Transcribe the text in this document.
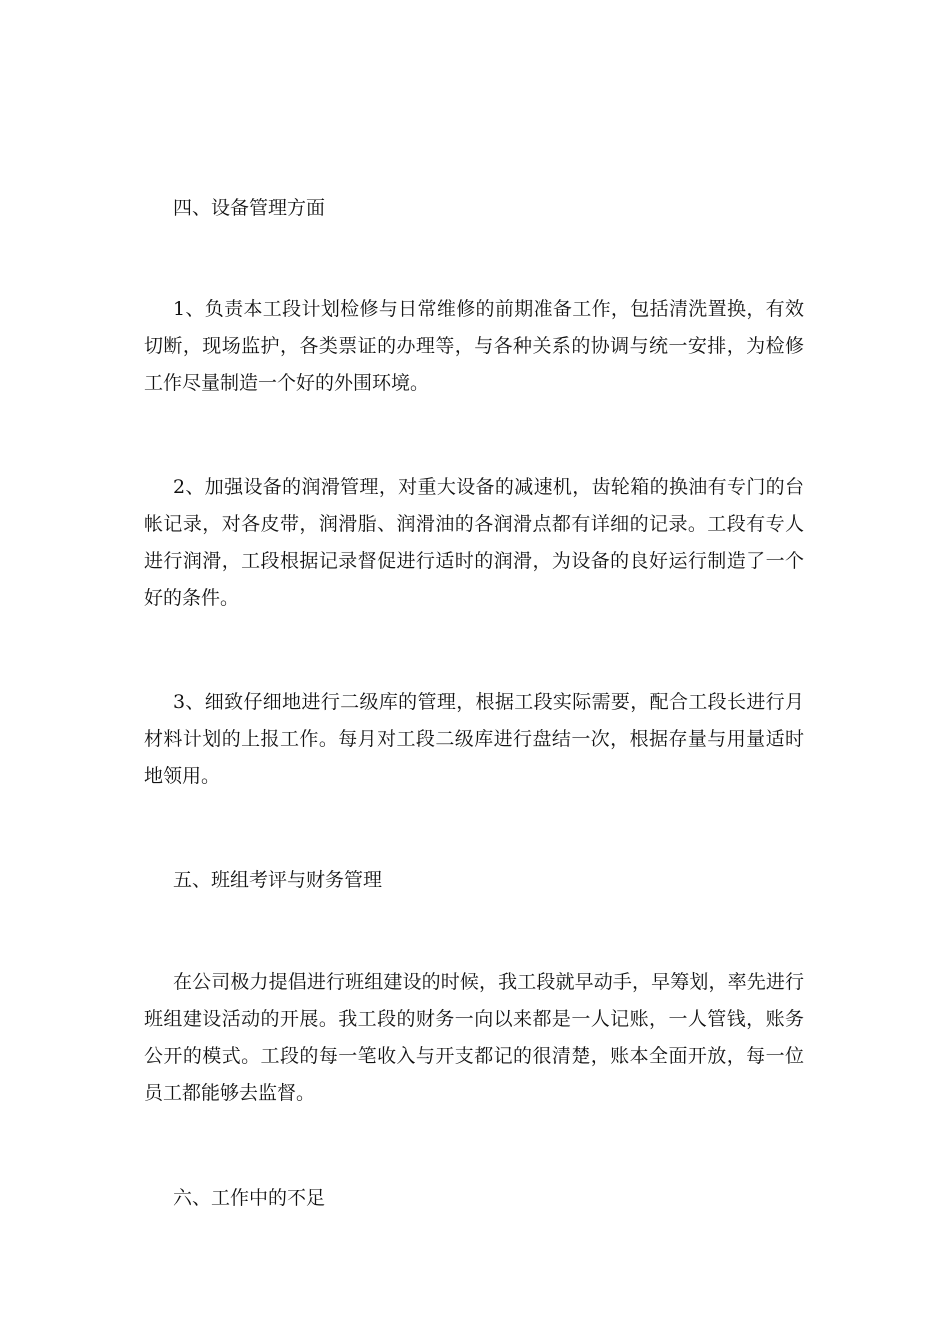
四、设备管理方面

1、负责本工段计划检修与日常维修的前期准备工作，包括清洗置换，有效切断，现场监护，各类票证的办理等，与各种关系的协调与统一安排，为检修工作尽量制造一个好的外围环境。

2、加强设备的润滑管理，对重大设备的减速机，齿轮箱的换油有专门的台帐记录，对各皮带，润滑脂、润滑油的各润滑点都有详细的记录。工段有专人进行润滑，工段根据记录督促进行适时的润滑，为设备的良好运行制造了一个好的条件。

3、细致仔细地进行二级库的管理，根据工段实际需要，配合工段长进行月材料计划的上报工作。每月对工段二级库进行盘结一次，根据存量与用量适时地领用。

五、班组考评与财务管理

在公司极力提倡进行班组建设的时候，我工段就早动手，早筹划，率先进行班组建设活动的开展。我工段的财务一向以来都是一人记账，一人管钱，账务公开的模式。工段的每一笔收入与开支都记的很清楚，账本全面开放，每一位员工都能够去监督。

六、工作中的不足
